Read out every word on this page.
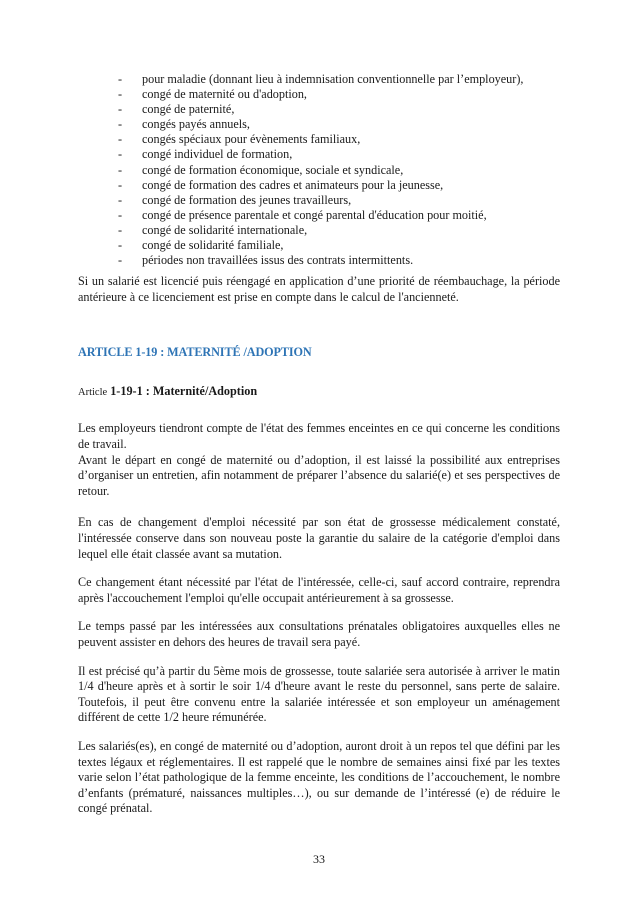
- pour maladie (donnant lieu à indemnisation conventionnelle par l’employeur),
- congé de maternité ou d'adoption,
- congé de paternité,
- congés payés annuels,
- congés spéciaux pour évènements familiaux,
- congé individuel de formation,
- congé de formation économique, sociale et syndicale,
- congé de formation des cadres et animateurs pour la jeunesse,
- congé de formation des jeunes travailleurs,
- congé de présence parentale et congé parental d'éducation pour moitié,
- congé de solidarité internationale,
- congé de solidarité familiale,
- périodes non travaillées issus des contrats intermittents.

Si un salarié est licencié puis réengagé en application d’une priorité de réembauchage, la période antérieure à ce licenciement est prise en compte dans le calcul de l'ancienneté.

ARTICLE 1-19 : MATERNITÉ /ADOPTION
Article 1-19-1 : Maternité/Adoption

Les employeurs tiendront compte de l'état des femmes enceintes en ce qui concerne les conditions de travail.

Avant le départ en congé de maternité ou d’adoption, il est laissé la possibilité aux entreprises d’organiser un entretien, afin notamment de préparer l’absence du salarié(e) et ses perspectives de retour.

En cas de changement d'emploi nécessité par son état de grossesse médicalement constaté, l'intéressée conserve dans son nouveau poste la garantie du salaire de la catégorie d'emploi dans lequel elle était classée avant sa mutation.

Ce changement étant nécessité par l'état de l'intéressée, celle-ci, sauf accord contraire, reprendra après l'accouchement l'emploi qu'elle occupait antérieurement à sa grossesse.

Le temps passé par les intéressées aux consultations prénatales obligatoires auxquelles elles ne peuvent assister en dehors des heures de travail sera payé.

Il est précisé qu’à partir du 5ème mois de grossesse, toute salariée sera autorisée à arriver le matin 1/4 d'heure après et à sortir le soir 1/4 d'heure avant le reste du personnel, sans perte de salaire. Toutefois, il peut être convenu entre la salariée intéressée et son employeur un aménagement différent de cette 1/2 heure rémunérée.

Les salariés(es), en congé de maternité ou d’adoption, auront droit à un repos tel que défini par les textes légaux et réglementaires. Il est rappelé que le nombre de semaines ainsi fixé par les textes varie selon l’état pathologique de la femme enceinte, les conditions de l’accouchement, le nombre d’enfants (prématuré, naissances multiples…), ou sur demande de l’intéressé (e) de réduire le congé prénatal.

33
